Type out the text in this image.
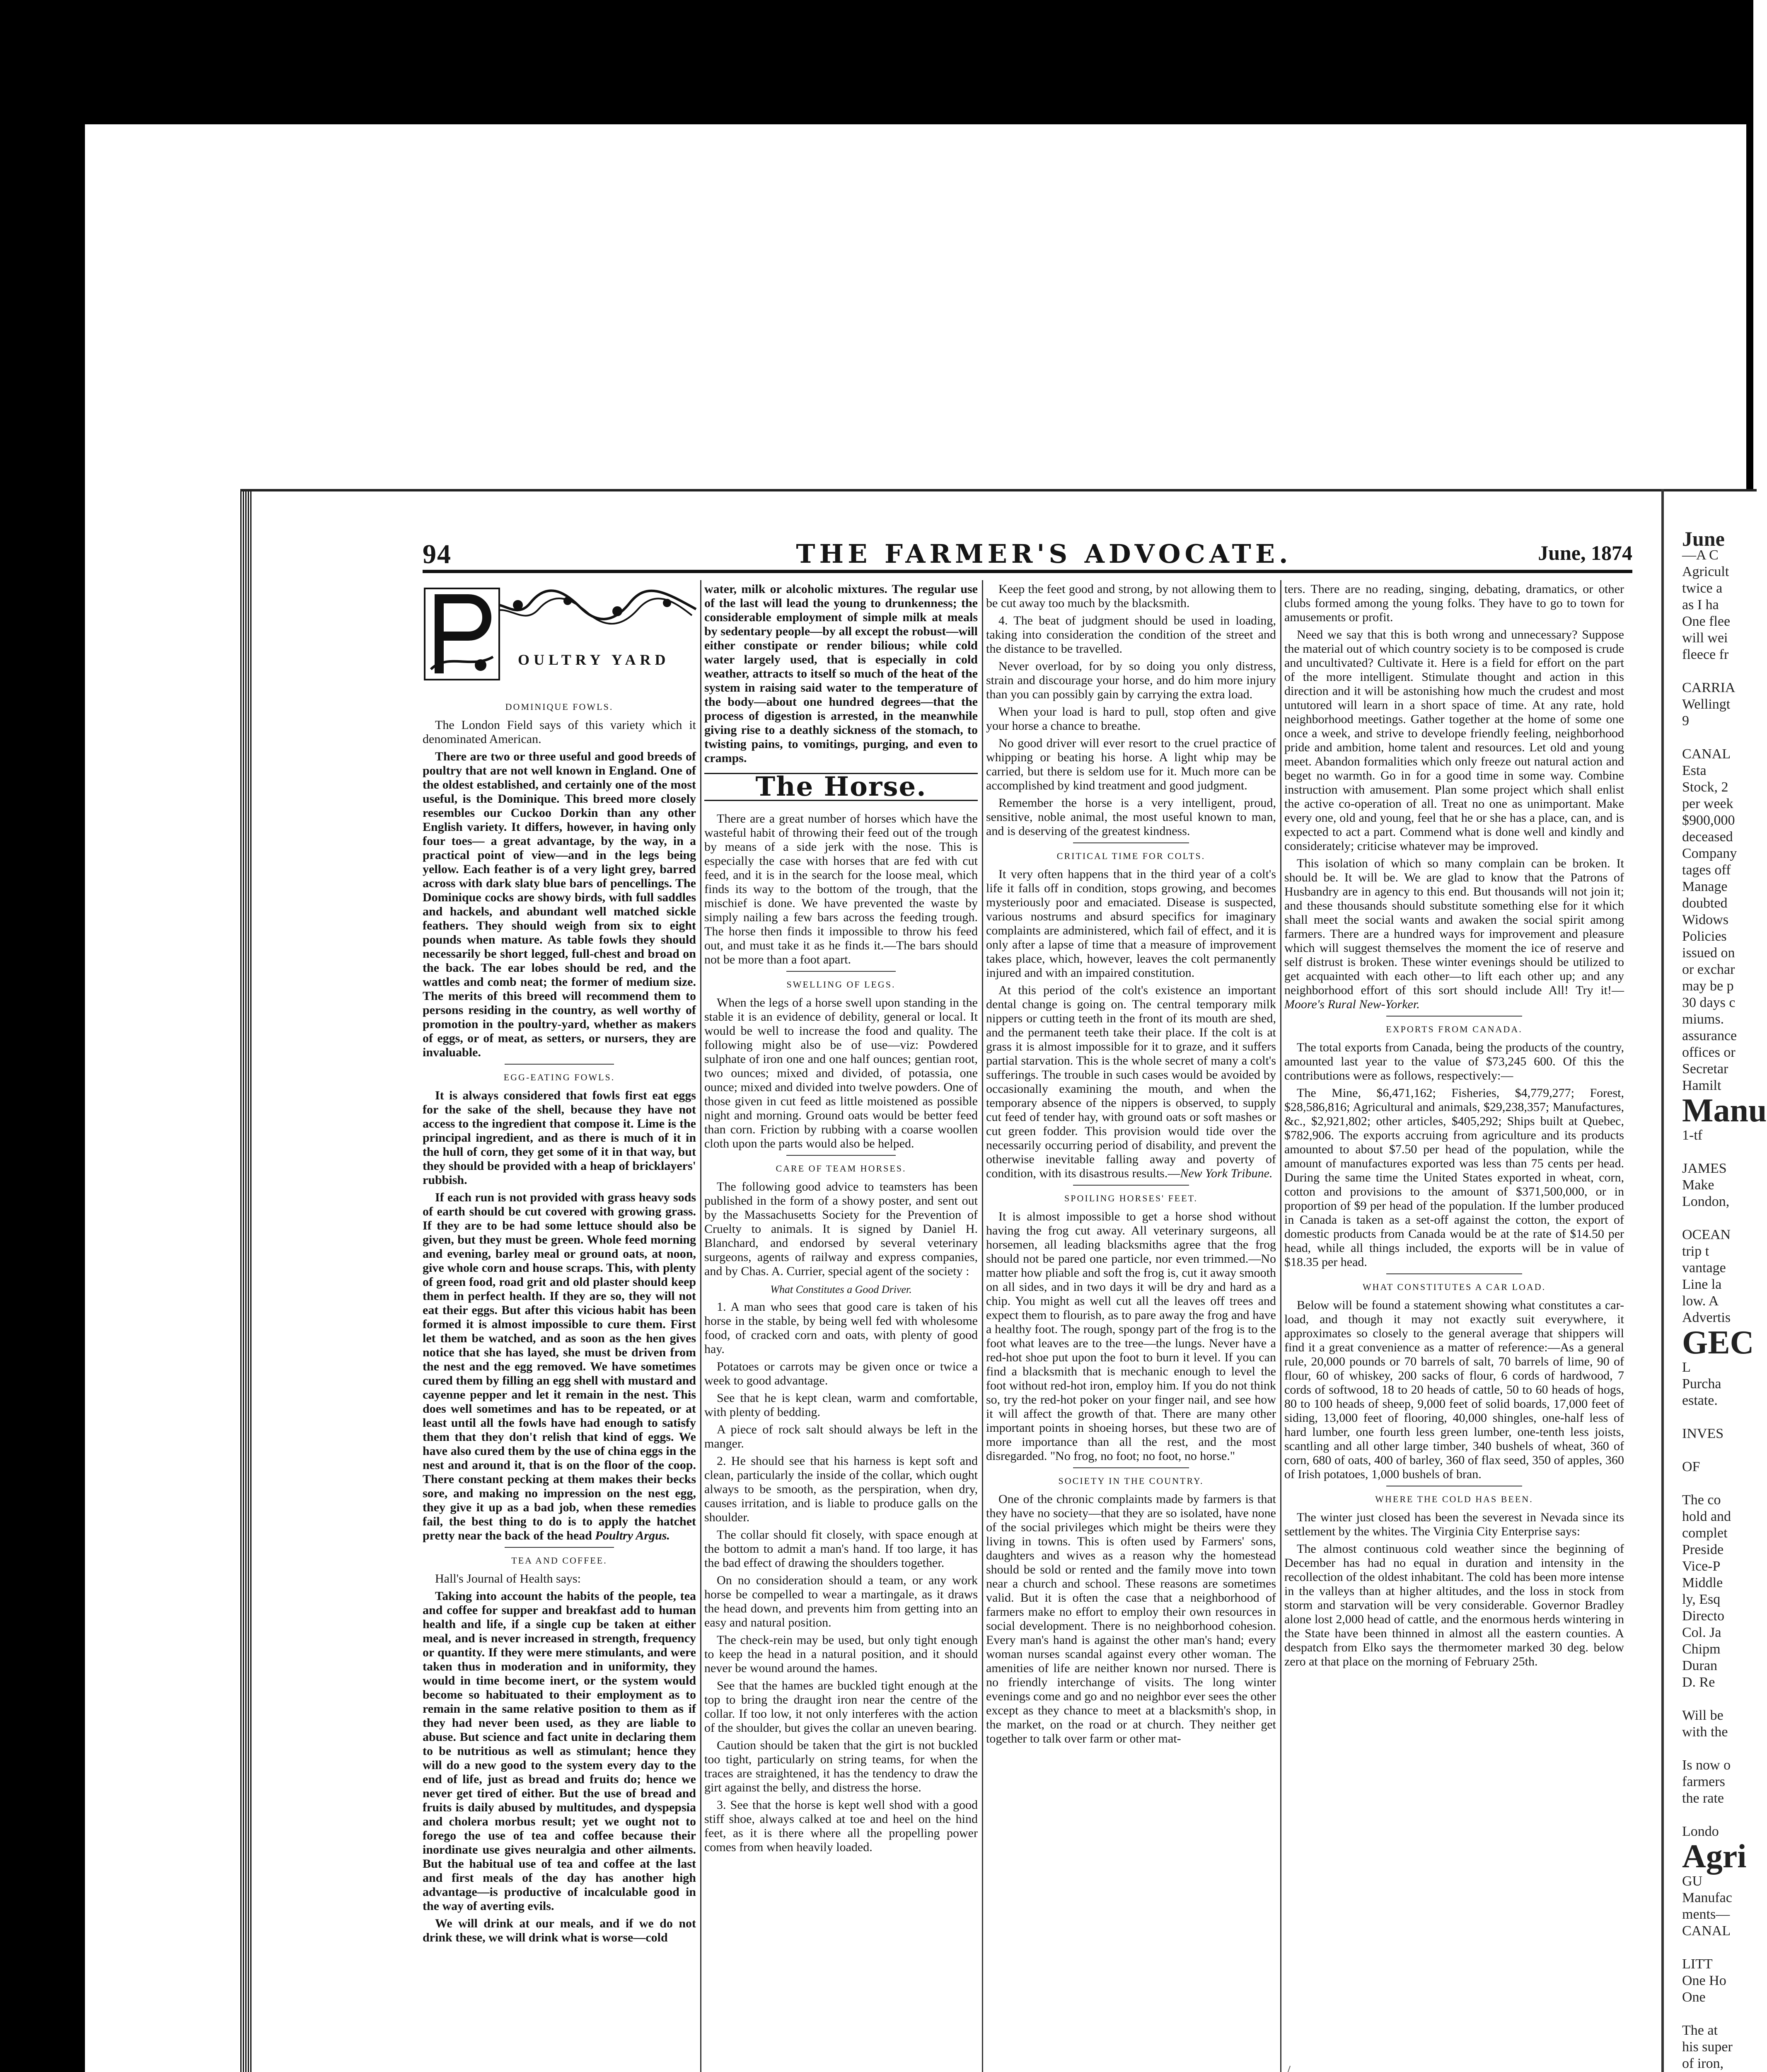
94	THE FARMER'S ADVOCATE.	June, 1874
OULTRY YARD
DOMINIQUE FOWLS.

The London Field says of this variety which it denominated American.

There are two or three useful and good breeds of poultry that are not well known in England. One of the oldest established, and certainly one of the most useful, is the Dominique. This breed more closely resembles our Cuckoo Dorkin than any other English variety. It differs, however, in having only four toes— a great advantage, by the way, in a practical point of view—and in the legs being yellow. Each feather is of a very light grey, barred across with dark slaty blue bars of pencellings. The Dominique cocks are showy birds, with full saddles and hackels, and abundant well matched sickle feathers. They should weigh from six to eight pounds when mature. As table fowls they should necessarily be short legged, full-chest and broad on the back. The ear lobes should be red, and the wattles and comb neat; the former of medium size. The merits of this breed will recommend them to persons residing in the country, as well worthy of promotion in the poultry-yard, whether as makers of eggs, or of meat, as setters, or nursers, they are invaluable.

EGG-EATING FOWLS.

It is always considered that fowls first eat eggs for the sake of the shell, because they have not access to the ingredient that compose it. Lime is the principal ingredient, and as there is much of it in the hull of corn, they get some of it in that way, but they should be provided with a heap of bricklayers' rubbish.

If each run is not provided with grass heavy sods of earth should be cut covered with growing grass. If they are to be had some lettuce should also be given, but they must be green. Whole feed morning and evening, barley meal or ground oats, at noon, give whole corn and house scraps. This, with plenty of green food, road grit and old plaster should keep them in perfect health. If they are so, they will not eat their eggs. But after this vicious habit has been formed it is almost impossible to cure them. First let them be watched, and as soon as the hen gives notice that she has layed, she must be driven from the nest and the egg removed. We have sometimes cured them by filling an egg shell with mustard and cayenne pepper and let it remain in the nest. This does well sometimes and has to be repeated, or at least until all the fowls have had enough to satisfy them that they don't relish that kind of eggs. We have also cured them by the use of china eggs in the nest and around it, that is on the floor of the coop. There constant pecking at them makes their becks sore, and making no impression on the nest egg, they give it up as a bad job, when these remedies fail, the best thing to do is to apply the hatchet pretty near the back of the head Poultry Argus.

TEA AND COFFEE.

Hall's Journal of Health says:

Taking into account the habits of the people, tea and coffee for supper and breakfast add to human health and life, if a single cup be taken at either meal, and is never increased in strength, frequency or quantity. If they were mere stimulants, and were taken thus in moderation and in uniformity, they would in time become inert, or the system would become so habituated to their employment as to remain in the same relative position to them as if they had never been used, as they are liable to abuse. But science and fact unite in declaring them to be nutritious as well as stimulant; hence they will do a new good to the system every day to the end of life, just as bread and fruits do; hence we never get tired of either. But the use of bread and fruits is daily abused by multitudes, and dyspepsia and cholera morbus result; yet we ought not to forego the use of tea and coffee because their inordinate use gives neuralgia and other ailments. But the habitual use of tea and coffee at the last and first meals of the day has another high advantage—is productive of incalculable good in the way of averting evils.

We will drink at our meals, and if we do not drink these, we will drink what is worse—cold

water, milk or alcoholic mixtures. The regular use of the last will lead the young to drunkenness; the considerable employment of simple milk at meals by sedentary people—by all except the robust—will either constipate or render bilious; while cold water largely used, that is especially in cold weather, attracts to itself so much of the heat of the system in raising said water to the temperature of the body—about one hundred degrees—that the process of digestion is arrested, in the meanwhile giving rise to a deathly sickness of the stomach, to twisting pains, to vomitings, purging, and even to cramps.

The Horse.

There are a great number of horses which have the wasteful habit of throwing their feed out of the trough by means of a side jerk with the nose. This is especially the case with horses that are fed with cut feed, and it is in the search for the loose meal, which finds its way to the bottom of the trough, that the mischief is done. We have prevented the waste by simply nailing a few bars across the feeding trough. The horse then finds it impossible to throw his feed out, and must take it as he finds it.—The bars should not be more than a foot apart.

SWELLING OF LEGS.

When the legs of a horse swell upon standing in the stable it is an evidence of debility, general or local. It would be well to increase the food and quality. The following might also be of use—viz: Powdered sulphate of iron one and one half ounces; gentian root, two ounces; mixed and divided, of potassia, one ounce; mixed and divided into twelve powders. One of those given in cut feed as little moistened as possible night and morning. Ground oats would be better feed than corn. Friction by rubbing with a coarse woollen cloth upon the parts would also be helped.

CARE OF TEAM HORSES.

The following good advice to teamsters has been published in the form of a showy poster, and sent out by the Massachusetts Society for the Prevention of Cruelty to animals. It is signed by Daniel H. Blanchard, and endorsed by several veterinary surgeons, agents of railway and express companies, and by Chas. A. Currier, special agent of the society :

What Constitutes a Good Driver.

1. A man who sees that good care is taken of his horse in the stable, by being well fed with wholesome food, of cracked corn and oats, with plenty of good hay.

Potatoes or carrots may be given once or twice a week to good advantage.

See that he is kept clean, warm and comfortable, with plenty of bedding.

A piece of rock salt should always be left in the manger.

2. He should see that his harness is kept soft and clean, particularly the inside of the collar, which ought always to be smooth, as the perspiration, when dry, causes irritation, and is liable to produce galls on the shoulder.

The collar should fit closely, with space enough at the bottom to admit a man's hand. If too large, it has the bad effect of drawing the shoulders together.

On no consideration should a team, or any work horse be compelled to wear a martingale, as it draws the head down, and prevents him from getting into an easy and natural position.

The check-rein may be used, but only tight enough to keep the head in a natural position, and it should never be wound around the hames.

See that the hames are buckled tight enough at the top to bring the draught iron near the centre of the collar. If too low, it not only interferes with the action of the shoulder, but gives the collar an uneven bearing.

Caution should be taken that the girt is not buckled too tight, particularly on string teams, for when the traces are straightened, it has the tendency to draw the girt against the belly, and distress the horse.

3. See that the horse is kept well shod with a good stiff shoe, always calked at toe and heel on the hind feet, as it is there where all the propelling power comes from when heavily loaded.

Keep the feet good and strong, by not allowing them to be cut away too much by the blacksmith.

4. The beat of judgment should be used in loading, taking into consideration the condition of the street and the distance to be travelled.

Never overload, for by so doing you only distress, strain and discourage your horse, and do him more injury than you can possibly gain by carrying the extra load.

When your load is hard to pull, stop often and give your horse a chance to breathe.

No good driver will ever resort to the cruel practice of whipping or beating his horse. A light whip may be carried, but there is seldom use for it. Much more can be accomplished by kind treatment and good judgment.

Remember the horse is a very intelligent, proud, sensitive, noble animal, the most useful known to man, and is deserving of the greatest kindness.

CRITICAL TIME FOR COLTS.

It very often happens that in the third year of a colt's life it falls off in condition, stops growing, and becomes mysteriously poor and emaciated. Disease is suspected, various nostrums and absurd specifics for imaginary complaints are administered, which fail of effect, and it is only after a lapse of time that a measure of improvement takes place, which, however, leaves the colt permanently injured and with an impaired constitution.

At this period of the colt's existence an important dental change is going on. The central temporary milk nippers or cutting teeth in the front of its mouth are shed, and the permanent teeth take their place. If the colt is at grass it is almost impossible for it to graze, and it suffers partial starvation. This is the whole secret of many a colt's sufferings. The trouble in such cases would be avoided by occasionally examining the mouth, and when the temporary absence of the nippers is observed, to supply cut feed of tender hay, with ground oats or soft mashes or cut green fodder. This provision would tide over the necessarily occurring period of disability, and prevent the otherwise inevitable falling away and poverty of condition, with its disastrous results.—New York Tribune.

SPOILING HORSES' FEET.

It is almost impossible to get a horse shod without having the frog cut away. All veterinary surgeons, all horsemen, all leading blacksmiths agree that the frog should not be pared one particle, nor even trimmed.—No matter how pliable and soft the frog is, cut it away smooth on all sides, and in two days it will be dry and hard as a chip. You might as well cut all the leaves off trees and expect them to flourish, as to pare away the frog and have a healthy foot. The rough, spongy part of the frog is to the foot what leaves are to the tree—the lungs. Never have a red-hot shoe put upon the foot to burn it level. If you can find a blacksmith that is mechanic enough to level the foot without red-hot iron, employ him. If you do not think so, try the red-hot poker on your finger nail, and see how it will affect the growth of that. There are many other important points in shoeing horses, but these two are of more importance than all the rest, and the most disregarded. "No frog, no foot; no foot, no horse."

SOCIETY IN THE COUNTRY.

One of the chronic complaints made by farmers is that they have no society—that they are so isolated, have none of the social privileges which might be theirs were they living in towns. This is often used by Farmers' sons, daughters and wives as a reason why the homestead should be sold or rented and the family move into town near a church and school. These reasons are sometimes valid. But it is often the case that a neighborhood of farmers make no effort to employ their own resources in social development. There is no neighborhood cohesion. Every man's hand is against the other man's hand; every woman nurses scandal against every other woman. The amenities of life are neither known nor nursed. There is no friendly interchange of visits. The long winter evenings come and go and no neighbor ever sees the other except as they chance to meet at a blacksmith's shop, in the market, on the road or at church. They neither get together to talk over farm or other mat-

ters. There are no reading, singing, debating, dramatics, or other clubs formed among the young folks. They have to go to town for amusements or profit.

Need we say that this is both wrong and unnecessary? Suppose the material out of which country society is to be composed is crude and uncultivated? Cultivate it. Here is a field for effort on the part of the more intelligent. Stimulate thought and action in this direction and it will be astonishing how much the crudest and most untutored will learn in a short space of time. At any rate, hold neighborhood meetings. Gather together at the home of some one once a week, and strive to develope friendly feeling, neighborhood pride and ambition, home talent and resources. Let old and young meet. Abandon formalities which only freeze out natural action and beget no warmth. Go in for a good time in some way. Combine instruction with amusement. Plan some project which shall enlist the active co-operation of all. Treat no one as unimportant. Make every one, old and young, feel that he or she has a place, can, and is expected to act a part. Commend what is done well and kindly and considerately; criticise whatever may be improved.

This isolation of which so many complain can be broken. It should be. It will be. We are glad to know that the Patrons of Husbandry are in agency to this end. But thousands will not join it; and these thousands should substitute something else for it which shall meet the social wants and awaken the social spirit among farmers. There are a hundred ways for improvement and pleasure which will suggest themselves the moment the ice of reserve and self distrust is broken. These winter evenings should be utilized to get acquainted with each other—to lift each other up; and any neighborhood effort of this sort should include All! Try it!—Moore's Rural New-Yorker.

EXPORTS FROM CANADA.

The total exports from Canada, being the products of the country, amounted last year to the value of $73,245 600. Of this the contributions were as follows, respectively:—

The Mine, $6,471,162; Fisheries, $4,779,277; Forest, $28,586,816; Agricultural and animals, $29,238,357; Manufactures, &c., $2,921,802; other articles, $405,292; Ships built at Quebec, $782,906. The exports accruing from agriculture and its products amounted to about $7.50 per head of the population, while the amount of manufactures exported was less than 75 cents per head. During the same time the United States exported in wheat, corn, cotton and provisions to the amount of $371,500,000, or in proportion of $9 per head of the population. If the lumber produced in Canada is taken as a set-off against the cotton, the export of domestic products from Canada would be at the rate of $14.50 per head, while all things included, the exports will be in value of $18.35 per head.

WHAT CONSTITUTES A CAR LOAD.

Below will be found a statement showing what constitutes a car-load, and though it may not exactly suit everywhere, it approximates so closely to the general average that shippers will find it a great convenience as a matter of reference:—As a general rule, 20,000 pounds or 70 barrels of salt, 70 barrels of lime, 90 of flour, 60 of whiskey, 200 sacks of flour, 6 cords of hardwood, 7 cords of softwood, 18 to 20 heads of cattle, 50 to 60 heads of hogs, 80 to 100 heads of sheep, 9,000 feet of solid boards, 17,000 feet of siding, 13,000 feet of flooring, 40,000 shingles, one-half less of hard lumber, one fourth less green lumber, one-tenth less joists, scantling and all other large timber, 340 bushels of wheat, 360 of corn, 680 of oats, 400 of barley, 360 of flax seed, 350 of apples, 360 of Irish potatoes, 1,000 bushels of bran.

WHERE THE COLD HAS BEEN.

The winter just closed has been the severest in Nevada since its settlement by the whites. The Virginia City Enterprise says:

The almost continuous cold weather since the beginning of December has had no equal in duration and intensity in the recollection of the oldest inhabitant. The cold has been more intense in the valleys than at higher altitudes, and the loss in stock from storm and starvation will be very considerable. Governor Bradley alone lost 2,000 head of cattle, and the enormous herds wintering in the State have been thinned in almost all the eastern counties. A despatch from Elko says the thermometer marked 30 deg. below zero at that place on the morning of February 25th.

June
—A C
Agricult
twice a
as I ha
One flee
will wei
fleece fr

CARRIA
Wellingt
9

CANAL
Esta
Stock, 2
per week
$900,000
deceased
Company
tages off
Manage
doubted
Widows
Policies
issued on
or exchar
may be p
30 days c
miums.
assurance
offices or
Secretar
Hamilt
Manu
1-tf

JAMES
Make
London,

OCEAN
trip t
vantage
Line la
low. A
Advertis
GEC
L
Purcha
estate.

INVES

OF

The co
hold and
complet
Preside
Vice-P
Middle
ly, Esq
Directo
Col. Ja
Chipm
Duran
D. Re

Will be
with the

Is now o
farmers
the rate

Londo
Agri
GU
Manufac
ments—
CANAL

LITT
One Ho
One

The at
his super
of iron,
